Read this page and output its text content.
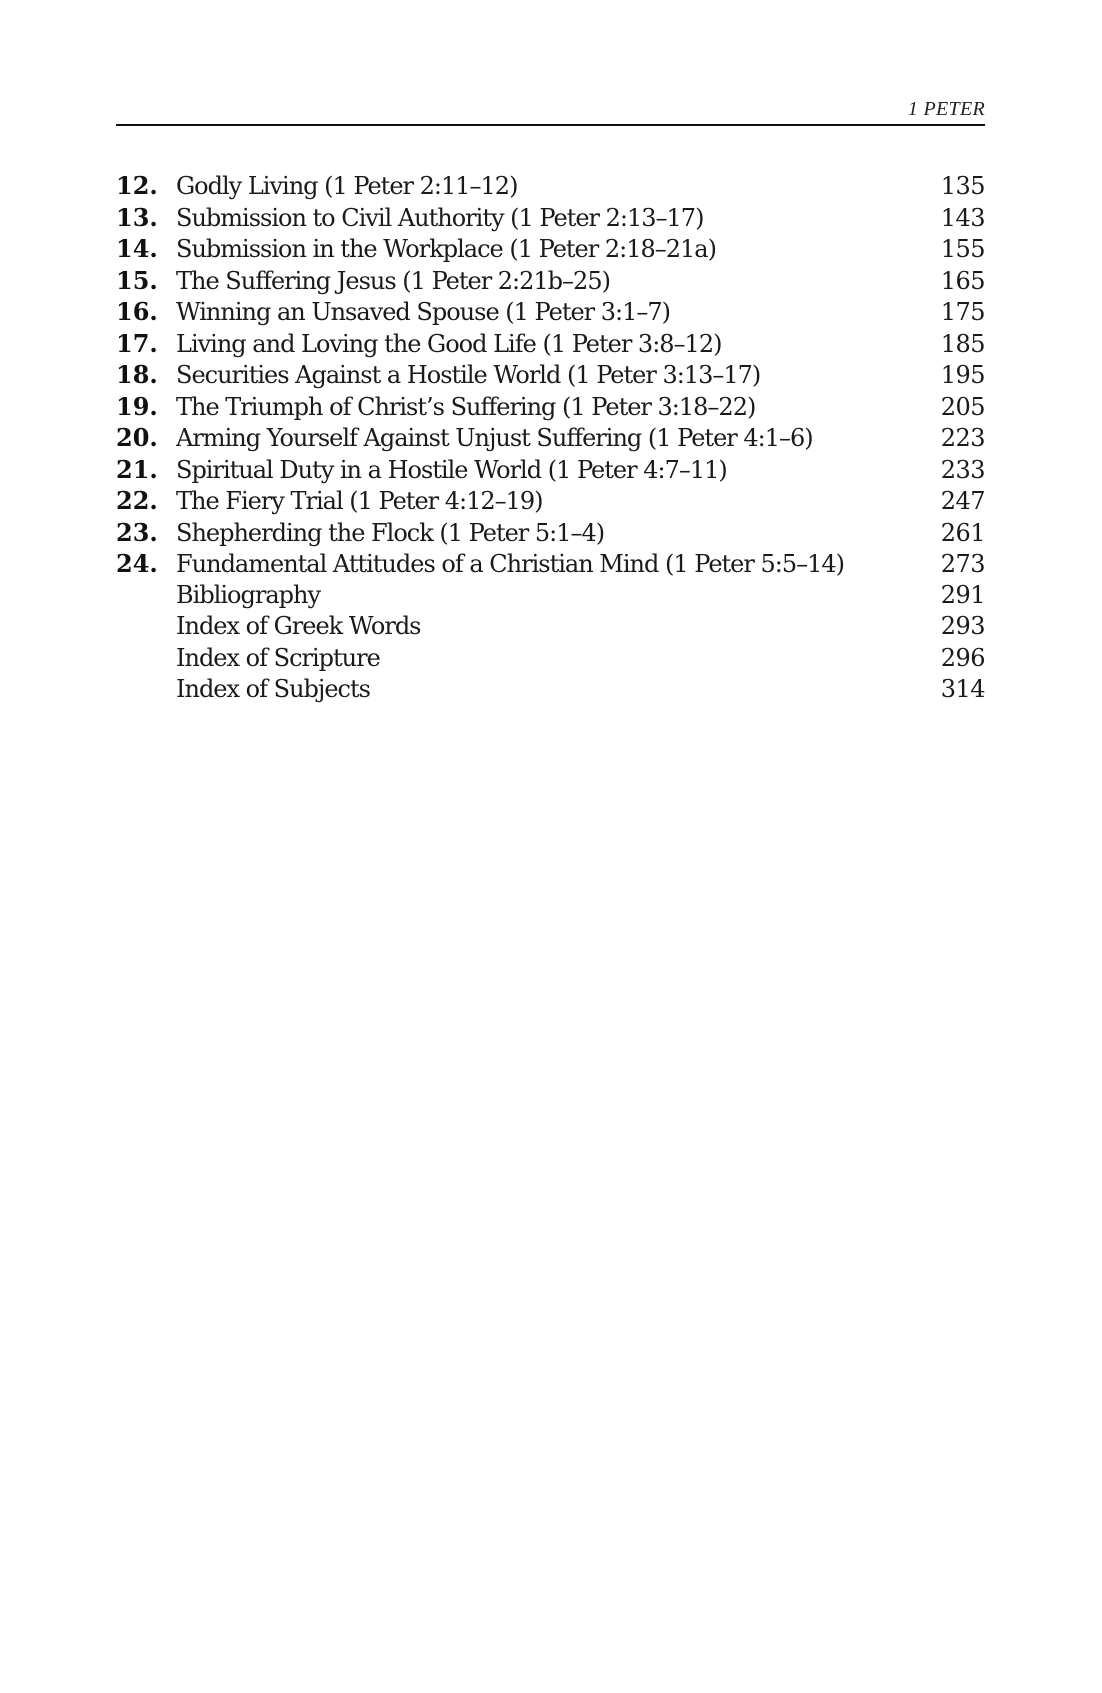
1 PETER
12. Godly Living (1 Peter 2:11–12)	135
13. Submission to Civil Authority (1 Peter 2:13–17)	143
14. Submission in the Workplace (1 Peter 2:18–21a)	155
15. The Suffering Jesus (1 Peter 2:21b–25)	165
16. Winning an Unsaved Spouse (1 Peter 3:1–7)	175
17. Living and Loving the Good Life (1 Peter 3:8–12)	185
18. Securities Against a Hostile World (1 Peter 3:13–17)	195
19. The Triumph of Christ’s Suffering (1 Peter 3:18–22)	205
20. Arming Yourself Against Unjust Suffering (1 Peter 4:1–6)	223
21. Spiritual Duty in a Hostile World (1 Peter 4:7–11)	233
22. The Fiery Trial (1 Peter 4:12–19)	247
23. Shepherding the Flock (1 Peter 5:1–4)	261
24. Fundamental Attitudes of a Christian Mind (1 Peter 5:5–14)	273
Bibliography	291
Index of Greek Words	293
Index of Scripture	296
Index of Subjects	314
